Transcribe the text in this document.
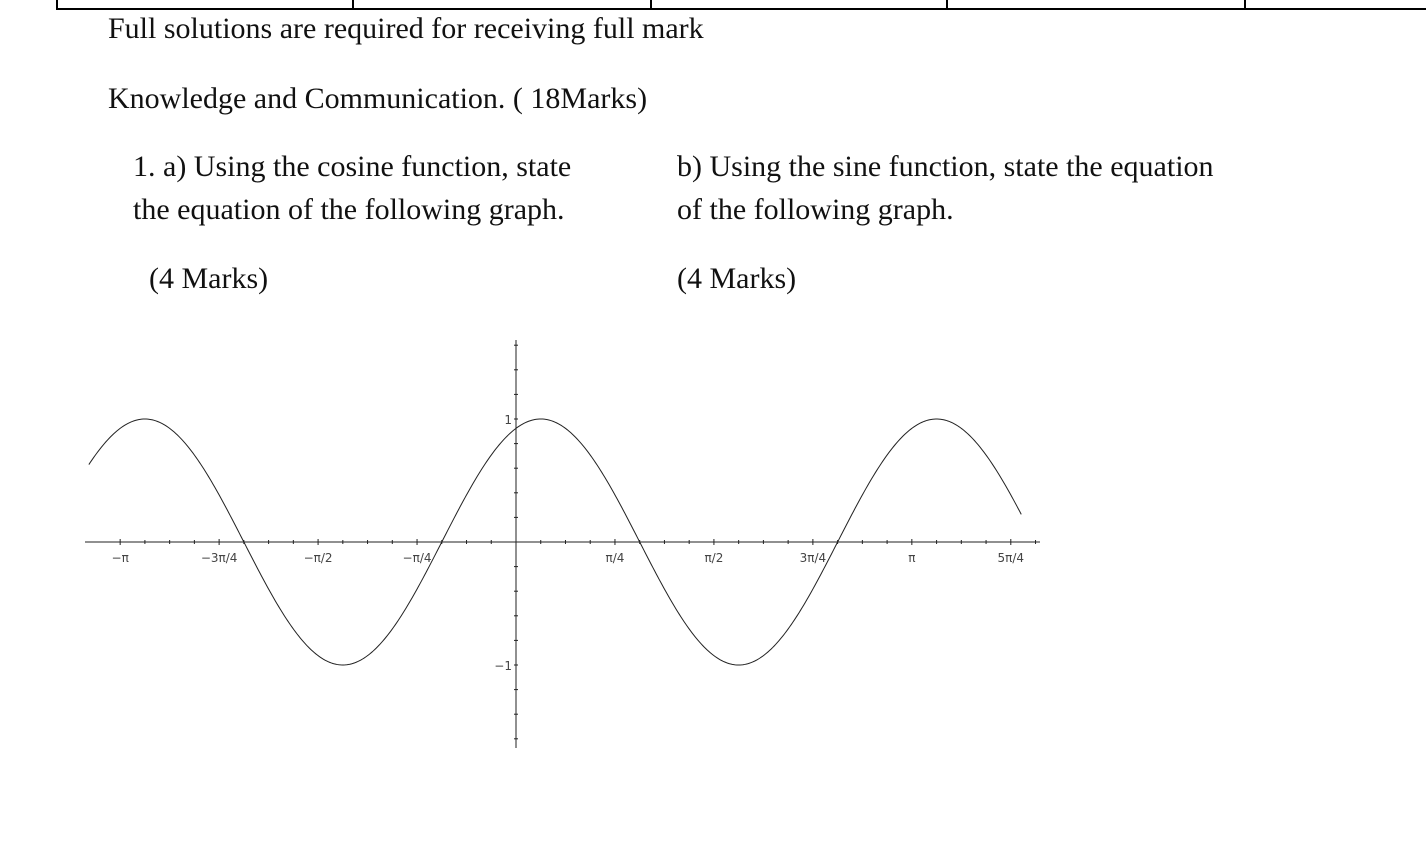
Full solutions are required for receiving full mark
Knowledge and Communication. ( 18Marks)
1. a) Using the cosine function, state
the equation of the following graph.
(4 Marks)
b) Using the sine function, state the equation
of the following graph.
(4 Marks)
−π	−3π/4	−π/2	−π/4	π/4	π/2	3π/4	π	5π/4
1
−1
